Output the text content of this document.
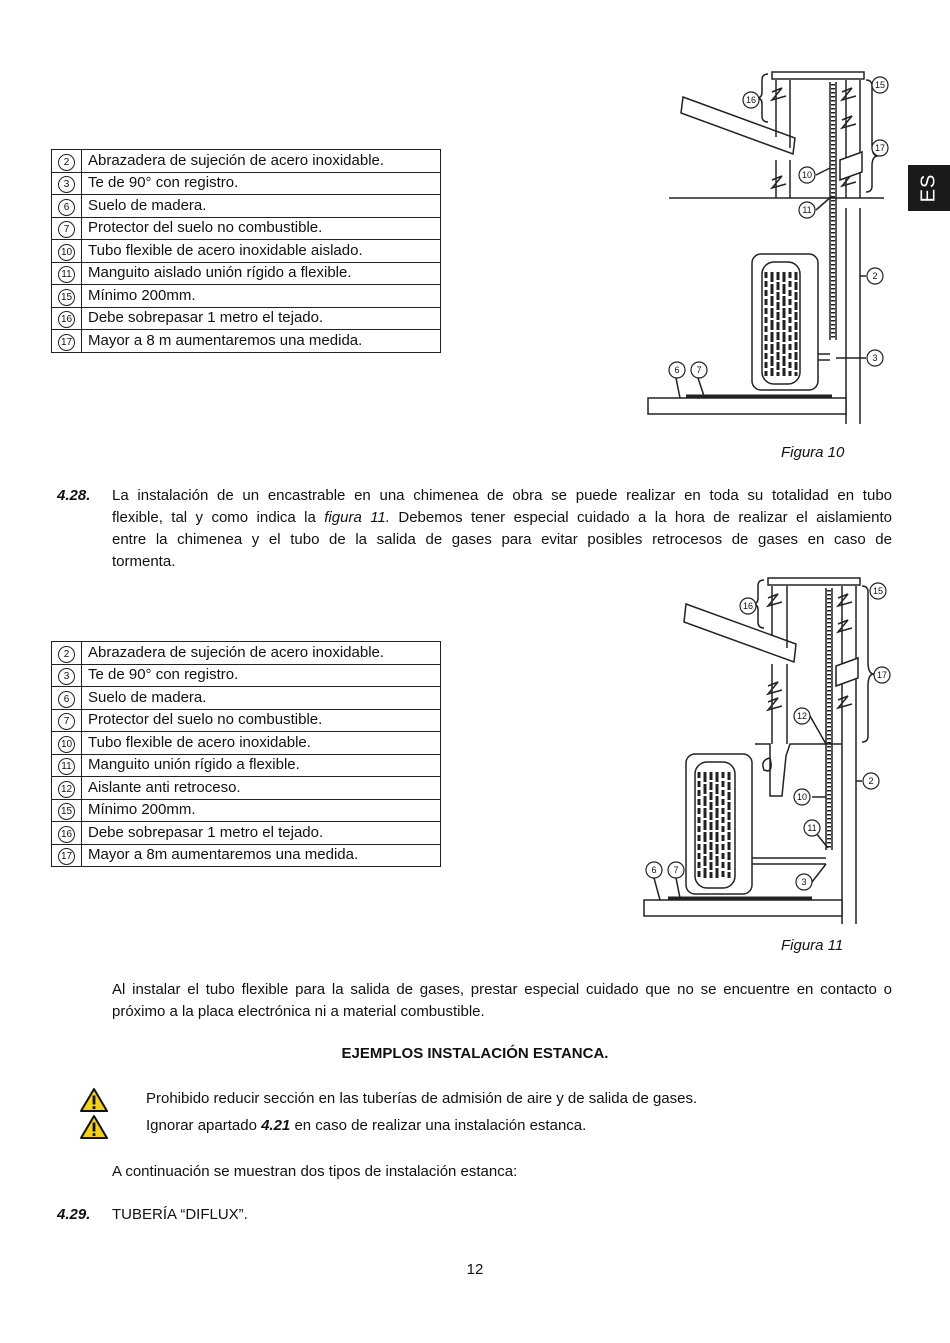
ES
2	Abrazadera de sujeción de acero inoxidable.
3	Te de 90° con registro.
6	Suelo de madera.
7	Protector del suelo no combustible.
10	Tubo flexible de acero inoxidable aislado.
11	Manguito aislado unión rígido a flexible.
15	Mínimo 200mm.
16	Debe sobrepasar 1 metro el tejado.
17	Mayor a 8 m aumentaremos una medida.
16
15
17
10
11
2
3
6 7
Figura 10
4.28. La instalación de un encastrable en una chimenea de obra se puede realizar en toda su totalidad en tubo
flexible, tal y como indica la figura 11. Debemos tener especial cuidado a la hora de realizar el aislamiento
entre la chimenea y el tubo de la salida de gases para evitar posibles retrocesos de gases en caso de
tormenta.
2	Abrazadera de sujeción de acero inoxidable.
3	Te de 90° con registro.
6	Suelo de madera.
7	Protector del suelo no combustible.
10	Tubo flexible de acero inoxidable.
11	Manguito unión rígido a flexible.
12	Aislante anti retroceso.
15	Mínimo 200mm.
16	Debe sobrepasar 1 metro el tejado.
17	Mayor a 8m aumentaremos una medida.
16
15
17
12
2
10
11
3
6 7
Figura 11
Al instalar el tubo flexible para la salida de gases, prestar especial cuidado que no se encuentre en contacto o
próximo a la placa electrónica ni a material combustible.
EJEMPLOS INSTALACIÓN ESTANCA.
Prohibido reducir sección en las tuberías de admisión de aire y de salida de gases.
Ignorar apartado 4.21 en caso de realizar una instalación estanca.
A continuación se muestran dos tipos de instalación estanca:
4.29. TUBERÍA “DIFLUX”.
12
